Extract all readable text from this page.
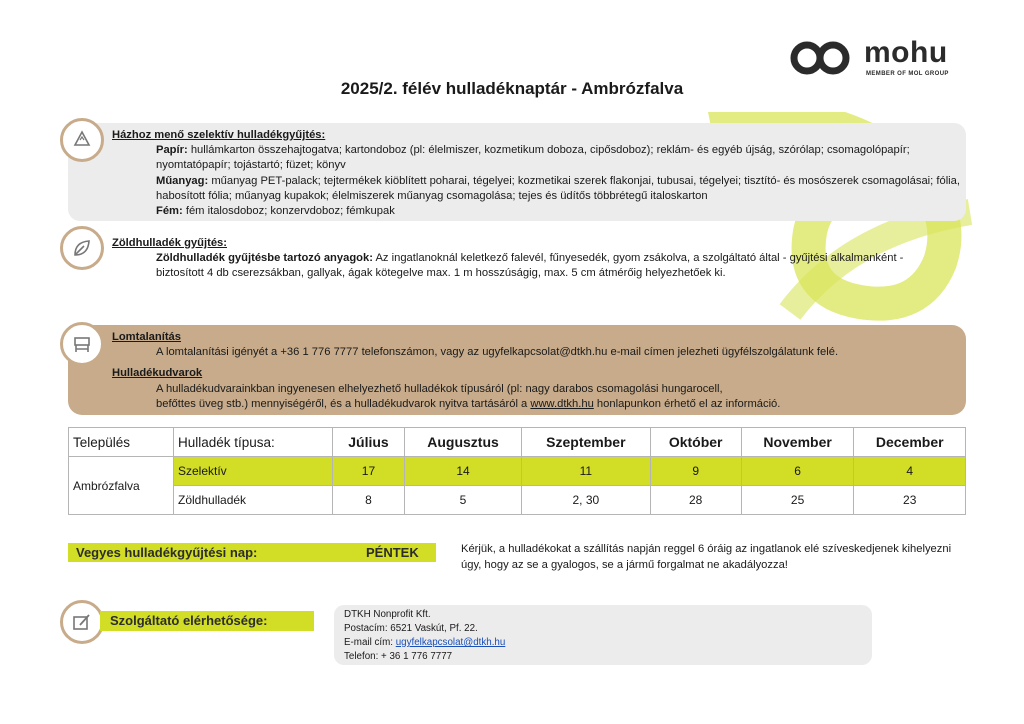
mohu
MEMBER OF MOL GROUP
2025/2. félév hulladéknaptár - Ambrózfalva
Házhoz menő szelektív hulladékgyűjtés:
Papír: hullámkarton összehajtogatva; kartondoboz (pl: élelmiszer, kozmetikum doboza, cipősdoboz); reklám- és egyéb újság, szórólap; csomagolópapír; nyomtatópapír; tojástartó; füzet; könyv
Műanyag: műanyag PET-palack; tejtermékek kiöblített poharai, tégelyei; kozmetikai szerek flakonjai, tubusai, tégelyei; tisztító- és mosószerek csomagolásai; fólia, habosított fólia; műanyag kupakok; élelmiszerek műanyag csomagolása; tejes és üdítős többrétegű italoskarton
Fém: fém italosdoboz; konzervdoboz; fémkupak
Zöldhulladék gyűjtés:
Zöldhulladék gyűjtésbe tartozó anyagok: Az ingatlanoknál keletkező falevél, fűnyesedék, gyom zsákolva, a szolgáltató által - gyűjtési alkalmanként - biztosított 4 db cserezsákban, gallyak, ágak kötegelve max. 1 m hosszúságig, max. 5 cm átmérőig helyezhetőek ki.
Lomtalanítás
A lomtalanítási igényét a +36 1 776 7777 telefonszámon, vagy az ugyfelkapcsolat@dtkh.hu e-mail címen jelezheti ügyfélszolgálatunk felé.
Hulladékudvarok
A hulladékudvarainkban ingyenesen elhelyezhető hulladékok típusáról (pl: nagy darabos csomagolási hungarocell,
befőttes üveg stb.) mennyiségéről, és a hulladékudvarok nyitva tartásáról a www.dtkh.hu honlapunkon érhető el az információ.
Település	Hulladék típusa:	Július	Augusztus	Szeptember	Október	November	December
Ambrózfalva	Szelektív	17	14	11	9	6	4
	Zöldhulladék	8	5	2, 30	28	25	23
Vegyes hulladékgyűjtési nap:	PÉNTEK	Kérjük, a hulladékokat a szállítás napján reggel 6 óráig az ingatlanok elé szíveskedjenek kihelyezni úgy, hogy az se a gyalogos, se a jármű forgalmat ne akadályozza!
Szolgáltató elérhetősége:	DTKH Nonprofit Kft.
Postacím: 6521 Vaskút, Pf. 22.
E-mail cím: ugyfelkapcsolat@dtkh.hu
Telefon: + 36 1 776 7777
